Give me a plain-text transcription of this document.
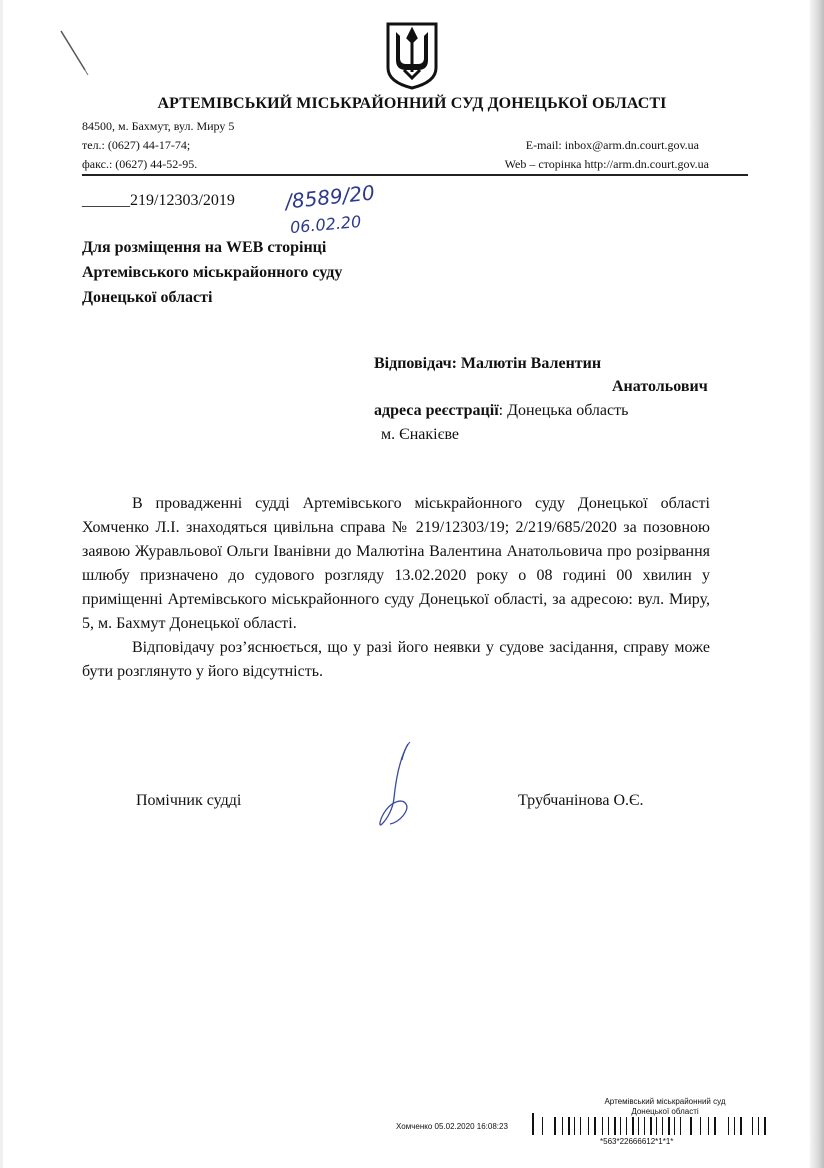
АРТЕМІВСЬКИЙ МІСЬКРАЙОННИЙ СУД ДОНЕЦЬКОЇ ОБЛАСТІ
84500, м. Бахмут, вул. Миру 5
тел.: (0627) 44-17-74;
факс.: (0627) 44-52-95.
E-mail: inbox@arm.dn.court.gov.ua
Web – сторінка http://arm.dn.court.gov.ua
______219/12303/2019 /8589/20
06.02.20
Для розміщення на WEB сторінці
Артемівського міськрайонного суду
Донецької області
Відповідач: Малютін Валентин
Анатольович
адреса реєстрації: Донецька область
м. Єнакієве

В провадженні судді Артемівського міськрайонного суду Донецької області Хомченко Л.І. знаходяться цивільна справа № 219/12303/19; 2/219/685/2020 за позовною заявою Журавльової Ольги Іванівни до Малютіна Валентина Анатольовича про розірвання шлюбу призначено до судового розгляду 13.02.2020 року о 08 годині 00 хвилин у приміщенні Артемівського міськрайонного суду Донецької області, за адресою: вул. Миру, 5, м. Бахмут Донецької області.

Відповідачу роз’яснюється, що у разі його неявки у судове засідання, справу може бути розглянуто у його відсутність.

Помічник судді	Трубчанінова О.Є.
Артемівський міськрайонний суд
Донецької області
Хомченко 05.02.2020 16:08:23
*563*22666612*1*1*
